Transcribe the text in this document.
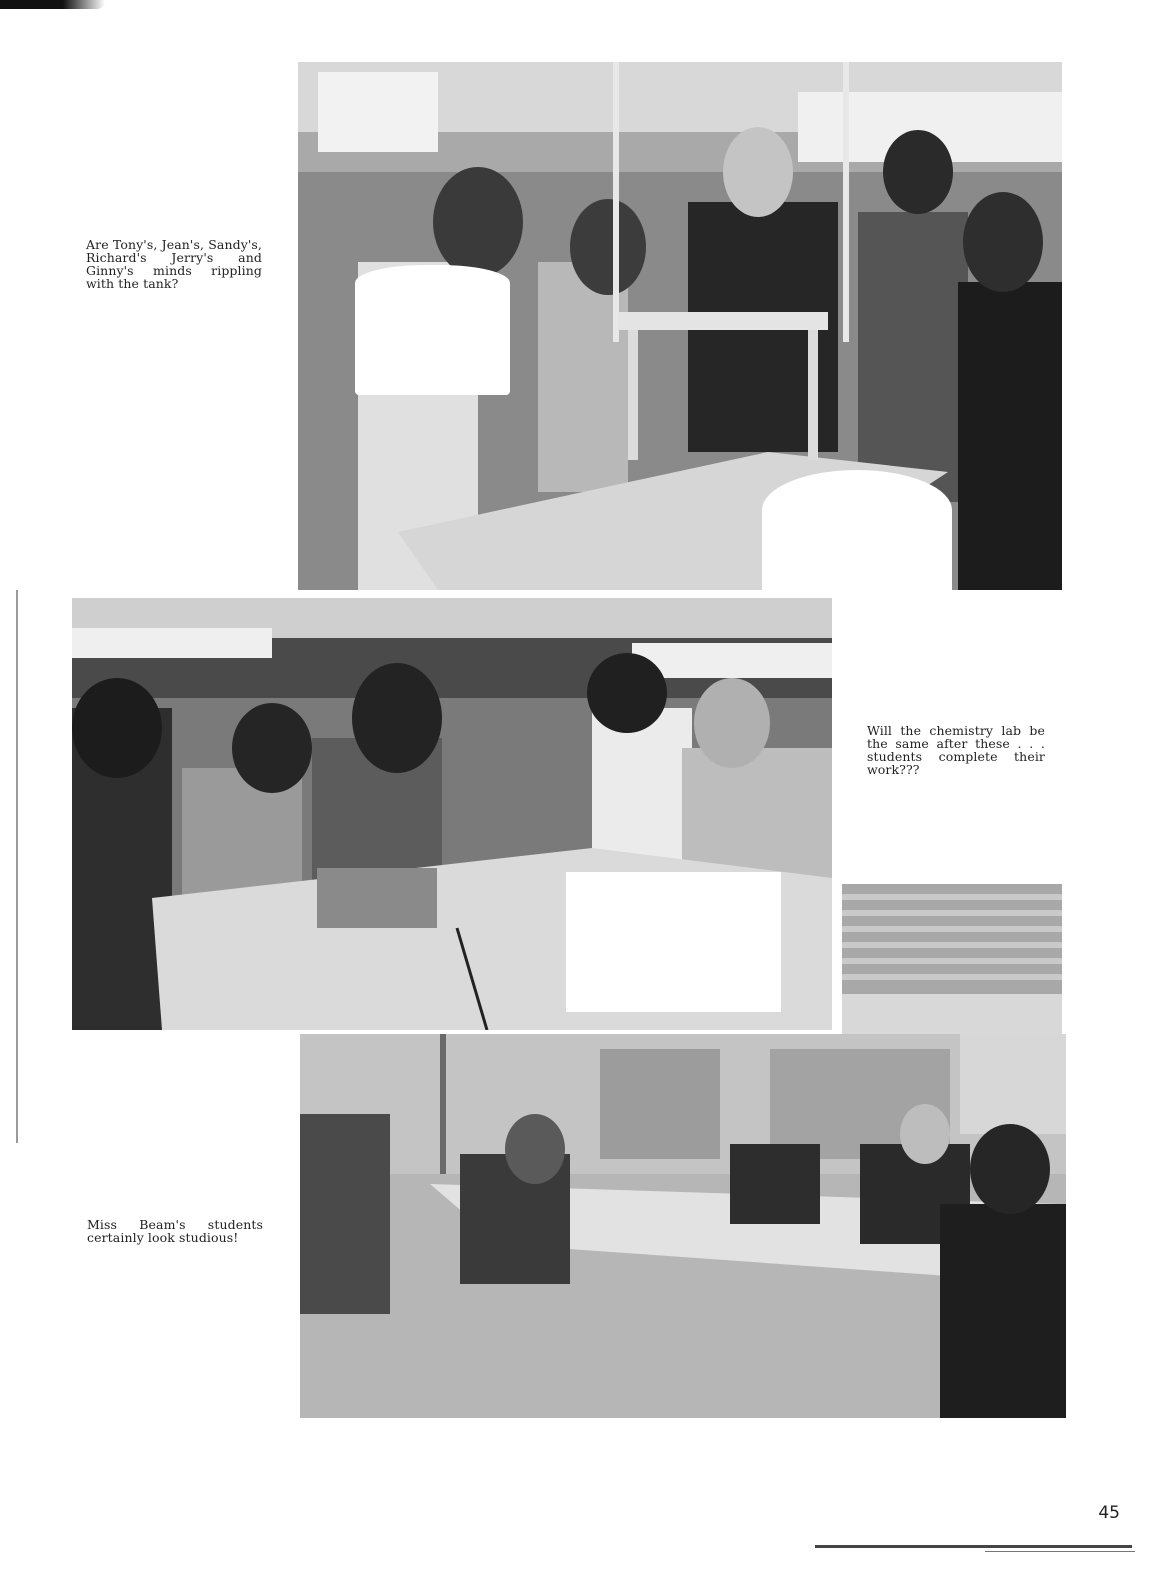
Are Tony's, Jean's, Sandy's, Richard's Jerry's and Ginny's minds rippling with the tank?
Will the chemistry lab be the same after these . . . students complete their work???
Miss Beam's students certainly look studious!
45
